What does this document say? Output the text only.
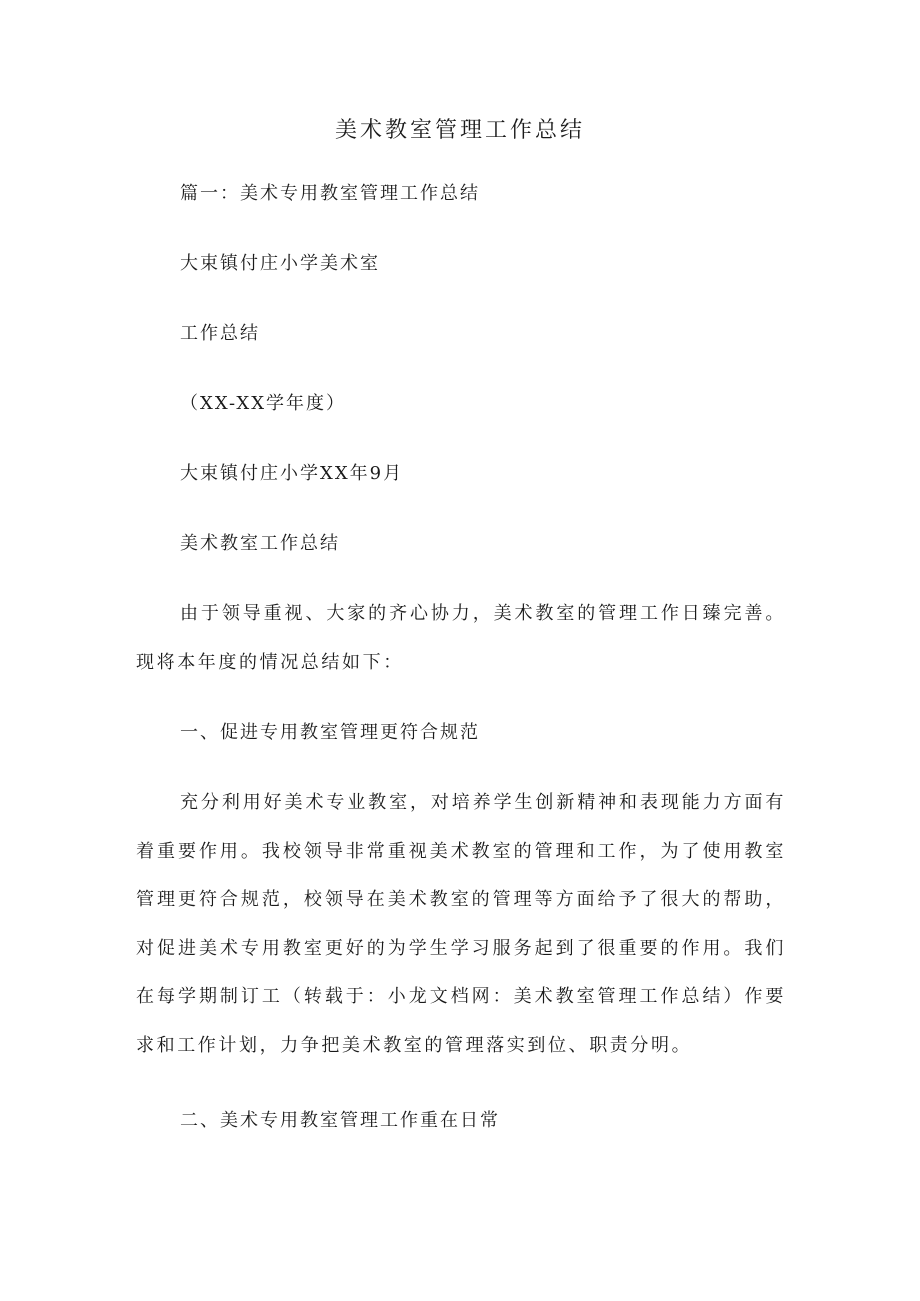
美术教室管理工作总结

篇一：美术专用教室管理工作总结

大束镇付庄小学美术室

工作总结

（XX-XX学年度）

大束镇付庄小学XX年9月

美术教室工作总结

由于领导重视、大家的齐心协力，美术教室的管理工作日臻完善。现将本年度的情况总结如下：

一、促进专用教室管理更符合规范

充分利用好美术专业教室，对培养学生创新精神和表现能力方面有着重要作用。我校领导非常重视美术教室的管理和工作，为了使用教室管理更符合规范，校领导在美术教室的管理等方面给予了很大的帮助，对促进美术专用教室更好的为学生学习服务起到了很重要的作用。我们在每学期制订工（转载于：小龙文档网：美术教室管理工作总结）作要求和工作计划，力争把美术教室的管理落实到位、职责分明。

二、美术专用教室管理工作重在日常
